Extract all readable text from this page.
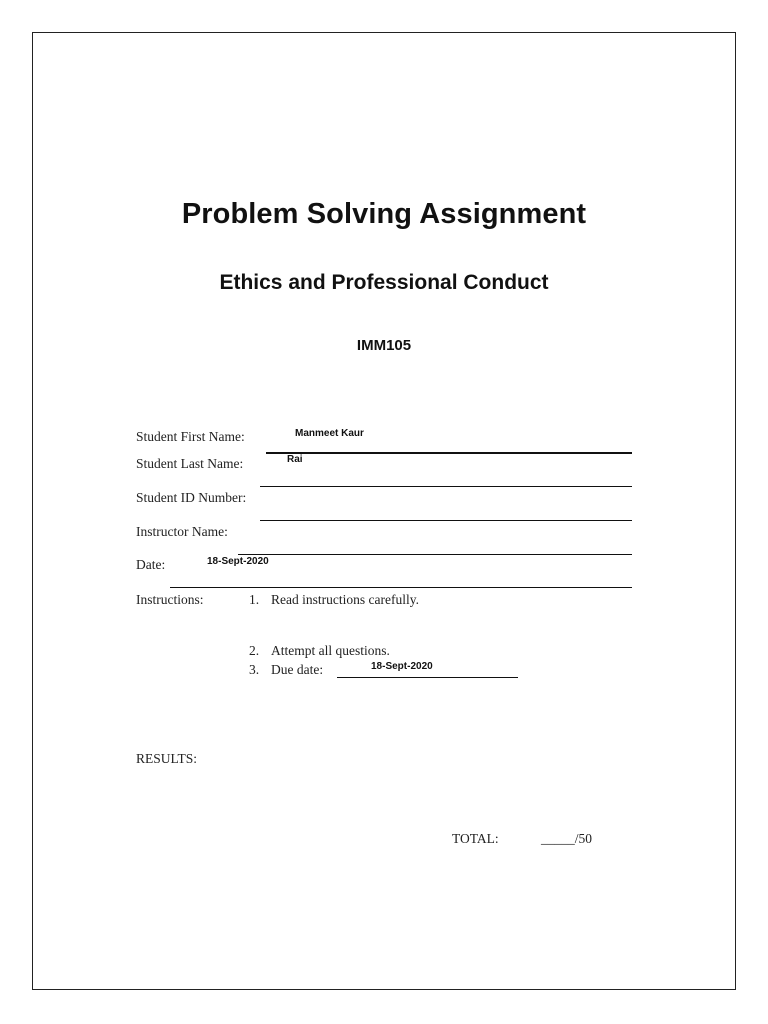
Problem Solving Assignment
Ethics and Professional Conduct
IMM105
Student First Name:	Manmeet Kaur
Student Last Name:	Rai
Student ID Number:
Instructor Name:
Date:	18-Sept-2020
Instructions:	1. Read instructions carefully.
2. Attempt all questions.
3. Due date:	18-Sept-2020
RESULTS:
TOTAL:	_____/50
